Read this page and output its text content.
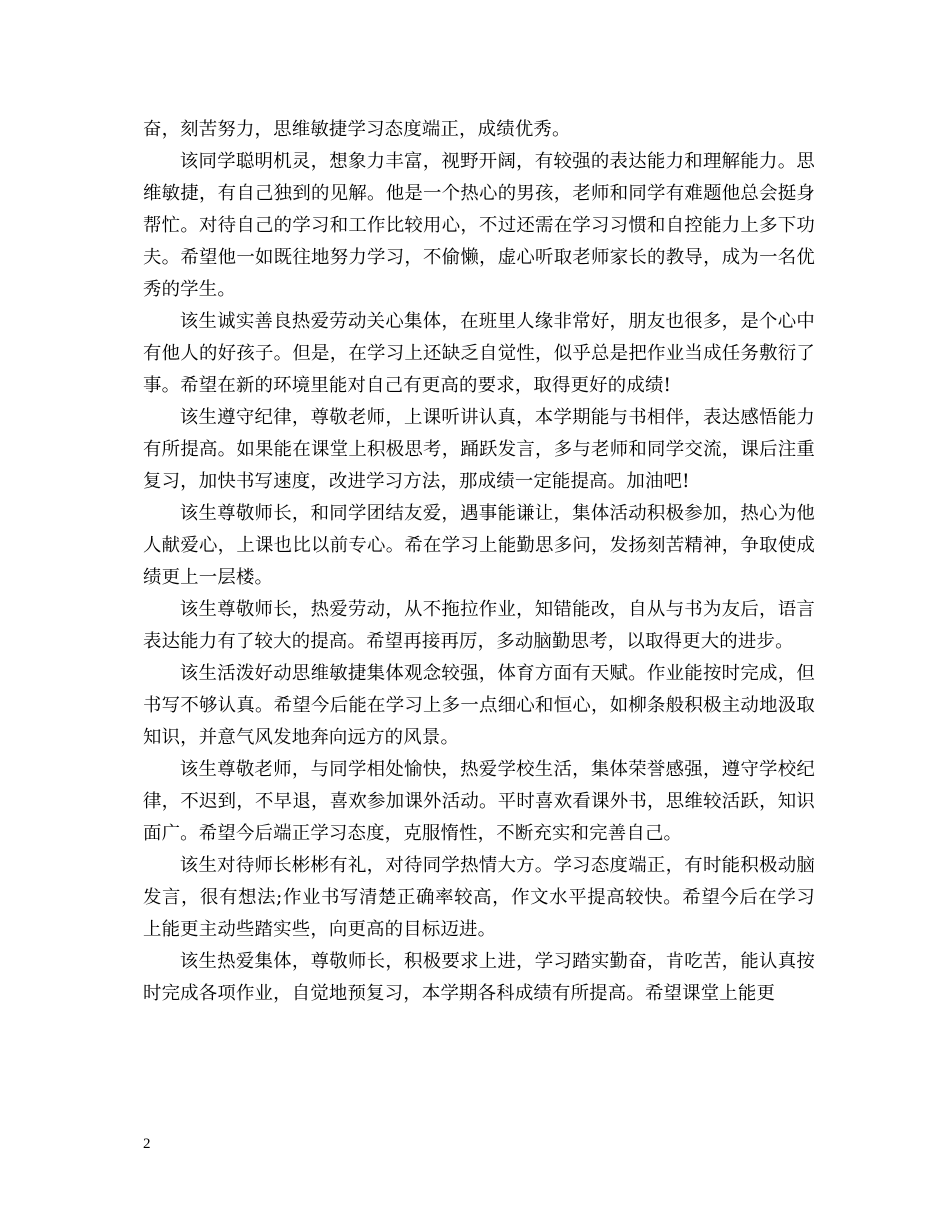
奋，刻苦努力，思维敏捷学习态度端正，成绩优秀。

该同学聪明机灵，想象力丰富，视野开阔，有较强的表达能力和理解能力。思维敏捷，有自己独到的见解。他是一个热心的男孩，老师和同学有难题他总会挺身帮忙。对待自己的学习和工作比较用心，不过还需在学习习惯和自控能力上多下功夫。希望他一如既往地努力学习，不偷懒，虚心听取老师家长的教导，成为一名优秀的学生。

该生诚实善良热爱劳动关心集体，在班里人缘非常好，朋友也很多，是个心中有他人的好孩子。但是，在学习上还缺乏自觉性，似乎总是把作业当成任务敷衍了事。希望在新的环境里能对自己有更高的要求，取得更好的成绩!

该生遵守纪律，尊敬老师，上课听讲认真，本学期能与书相伴，表达感悟能力有所提高。如果能在课堂上积极思考，踊跃发言，多与老师和同学交流，课后注重复习，加快书写速度，改进学习方法，那成绩一定能提高。加油吧!

该生尊敬师长，和同学团结友爱，遇事能谦让，集体活动积极参加，热心为他人献爱心，上课也比以前专心。希在学习上能勤思多问，发扬刻苦精神，争取使成绩更上一层楼。

该生尊敬师长，热爱劳动，从不拖拉作业，知错能改，自从与书为友后，语言表达能力有了较大的提高。希望再接再厉，多动脑勤思考，以取得更大的进步。

该生活泼好动思维敏捷集体观念较强，体育方面有天赋。作业能按时完成，但书写不够认真。希望今后能在学习上多一点细心和恒心，如柳条般积极主动地汲取知识，并意气风发地奔向远方的风景。

该生尊敬老师，与同学相处愉快，热爱学校生活，集体荣誉感强，遵守学校纪律，不迟到，不早退，喜欢参加课外活动。平时喜欢看课外书，思维较活跃，知识面广。希望今后端正学习态度，克服惰性，不断充实和完善自己。

该生对待师长彬彬有礼，对待同学热情大方。学习态度端正，有时能积极动脑发言，很有想法;作业书写清楚正确率较高，作文水平提高较快。希望今后在学习上能更主动些踏实些，向更高的目标迈进。

该生热爱集体，尊敬师长，积极要求上进，学习踏实勤奋，肯吃苦，能认真按时完成各项作业，自觉地预复习，本学期各科成绩有所提高。希望课堂上能更

2
